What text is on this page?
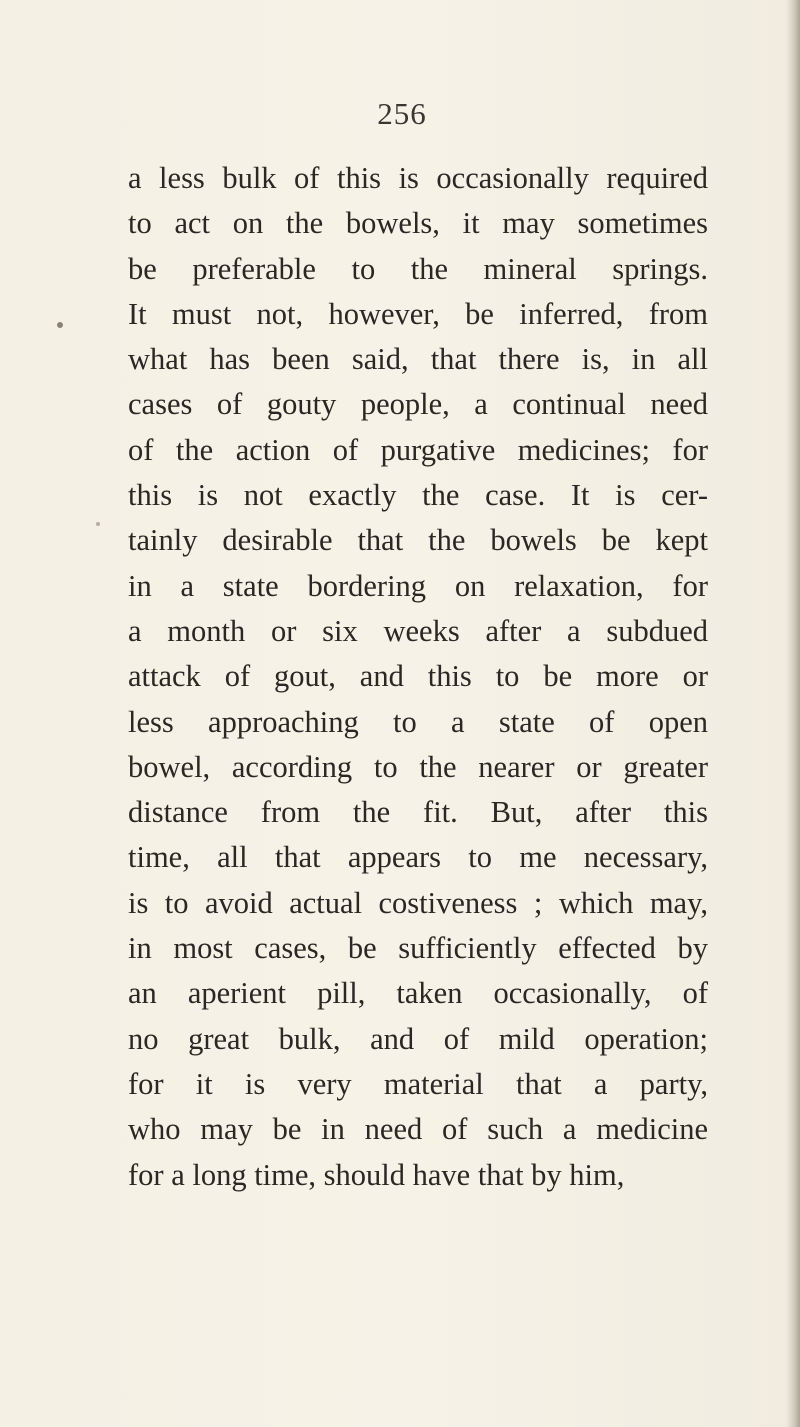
256
a less bulk of this is occasionally required
to act on the bowels, it may sometimes
be preferable to the mineral springs.
It must not, however, be inferred, from
what has been said, that there is, in all
cases of gouty people, a continual need
of the action of purgative medicines; for
this is not exactly the case. It is cer-
tainly desirable that the bowels be kept
in a state bordering on relaxation, for
a month or six weeks after a subdued
attack of gout, and this to be more or
less approaching to a state of open
bowel, according to the nearer or greater
distance from the fit. But, after this
time, all that appears to me necessary,
is to avoid actual costiveness ; which may,
in most cases, be sufficiently effected by
an aperient pill, taken occasionally, of
no great bulk, and of mild operation;
for it is very material that a party,
who may be in need of such a medicine
for a long time, should have that by him,
